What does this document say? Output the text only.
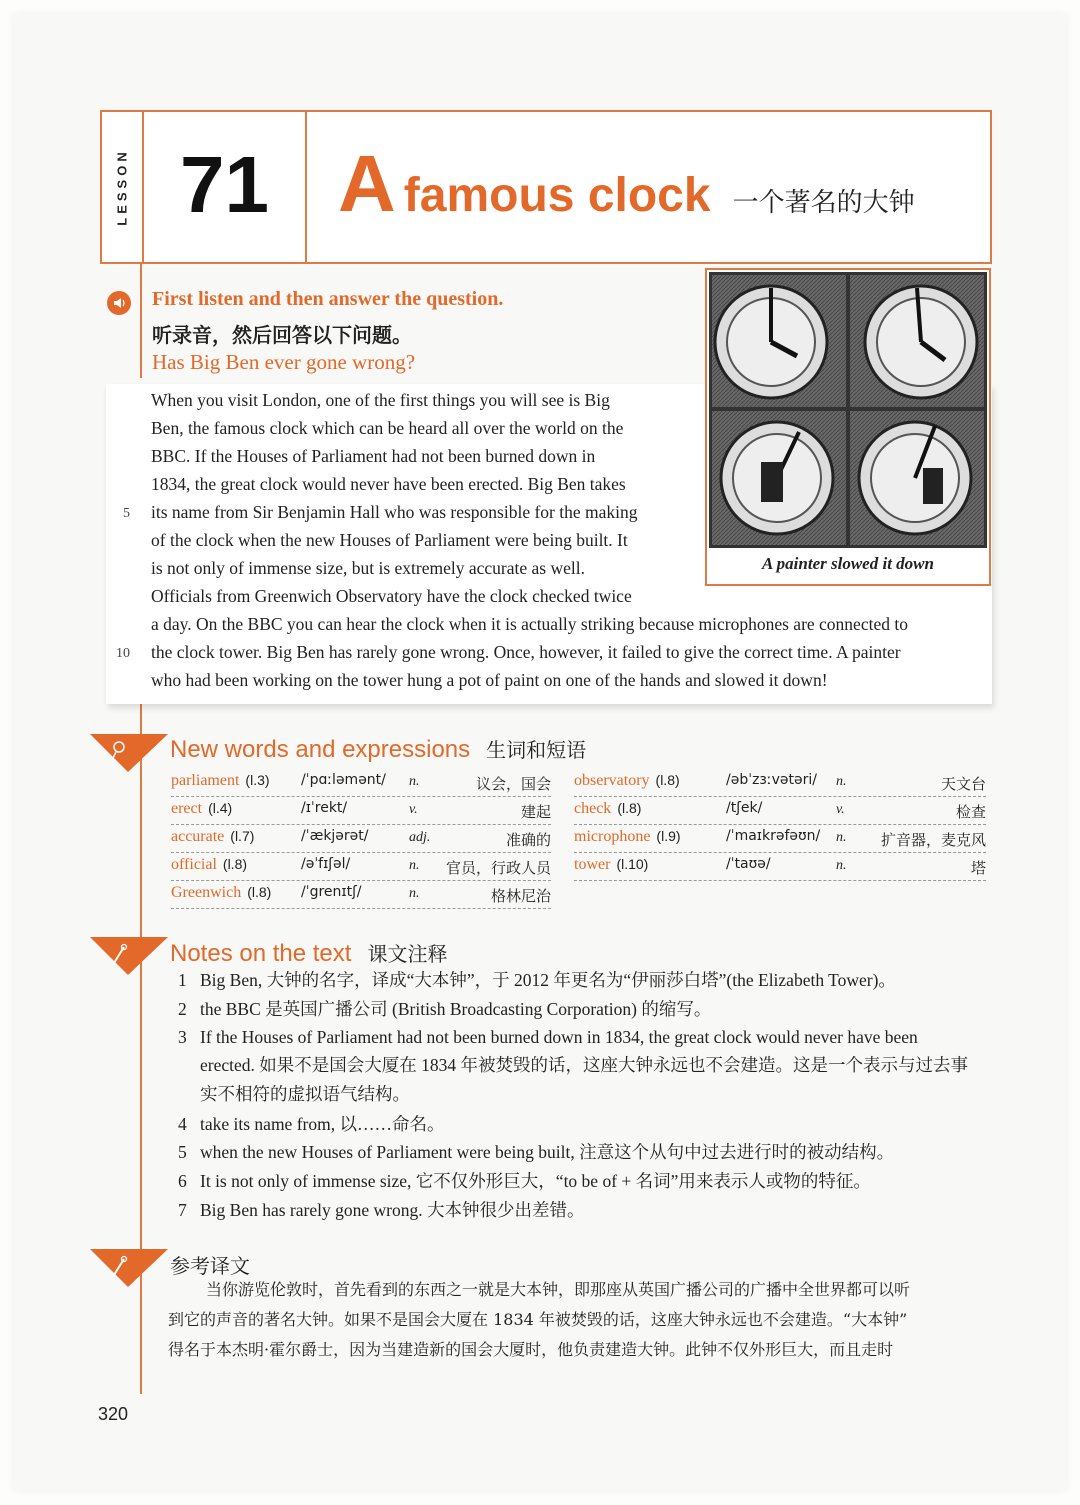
LESSON 71 Afamous clock 一个著名的大钟
First listen and then answer the question.
听录音，然后回答以下问题。
Has Big Ben ever gone wrong?
When you visit London, one of the first things you will see is Big
Ben, the famous clock which can be heard all over the world on the
BBC. If the Houses of Parliament had not been burned down in
1834, the great clock would never have been erected. Big Ben takes
its name from Sir Benjamin Hall who was responsible for the making
of the clock when the new Houses of Parliament were being built. It
is not only of immense size, but is extremely accurate as well.
Officials from Greenwich Observatory have the clock checked twice
a day. On the BBC you can hear the clock when it is actually striking because microphones are connected to
the clock tower. Big Ben has rarely gone wrong. Once, however, it failed to give the correct time. A painter
who had been working on the tower hung a pot of paint on one of the hands and slowed it down!
5
10
A painter slowed it down
New words and expressions 生词和短语
parliament (l.3) /ˈpɑːləmənt/ n.	议会，国会
erect (l.4)	/ɪˈrekt/	v.	建起
accurate (l.7)	/ˈækjərət/	adj.	准确的
official (l.8)	/əˈfɪʃəl/	n. 官员，行政人员
Greenwich (l.8) /ˈgrenɪtʃ/	n.	格林尼治
observatory (l.8)	/əbˈzɜːvətəri/ n.	天文台
check (l.8)	/tʃek/	v.	检查
microphone (l.9)	/ˈmaɪkrəfəʊn/ n. 扩音器，麦克风
tower (l.10)	/ˈtaʊə/	n.	塔
Notes on the text 课文注释
1 Big Ben, 大钟的名字，译成“大本钟”，于 2012 年更名为“伊丽莎白塔”(the Elizabeth Tower)。
2 the BBC 是英国广播公司 (British Broadcasting Corporation) 的缩写。
3 If the Houses of Parliament had not been burned down in 1834, the great clock would never have been
erected. 如果不是国会大厦在 1834 年被焚毁的话，这座大钟永远也不会建造。这是一个表示与过去事
实不相符的虚拟语气结构。
4 take its name from, 以……命名。
5 when the new Houses of Parliament were being built, 注意这个从句中过去进行时的被动结构。
6 It is not only of immense size, 它不仅外形巨大，“to be of + 名词”用来表示人或物的特征。
7 Big Ben has rarely gone wrong. 大本钟很少出差错。
参考译文
当你游览伦敦时，首先看到的东西之一就是大本钟，即那座从英国广播公司的广播中全世界都可以听
到它的声音的著名大钟。如果不是国会大厦在 1834 年被焚毁的话，这座大钟永远也不会建造。“大本钟”
得名于本杰明·霍尔爵士，因为当建造新的国会大厦时，他负责建造大钟。此钟不仅外形巨大，而且走时
320
